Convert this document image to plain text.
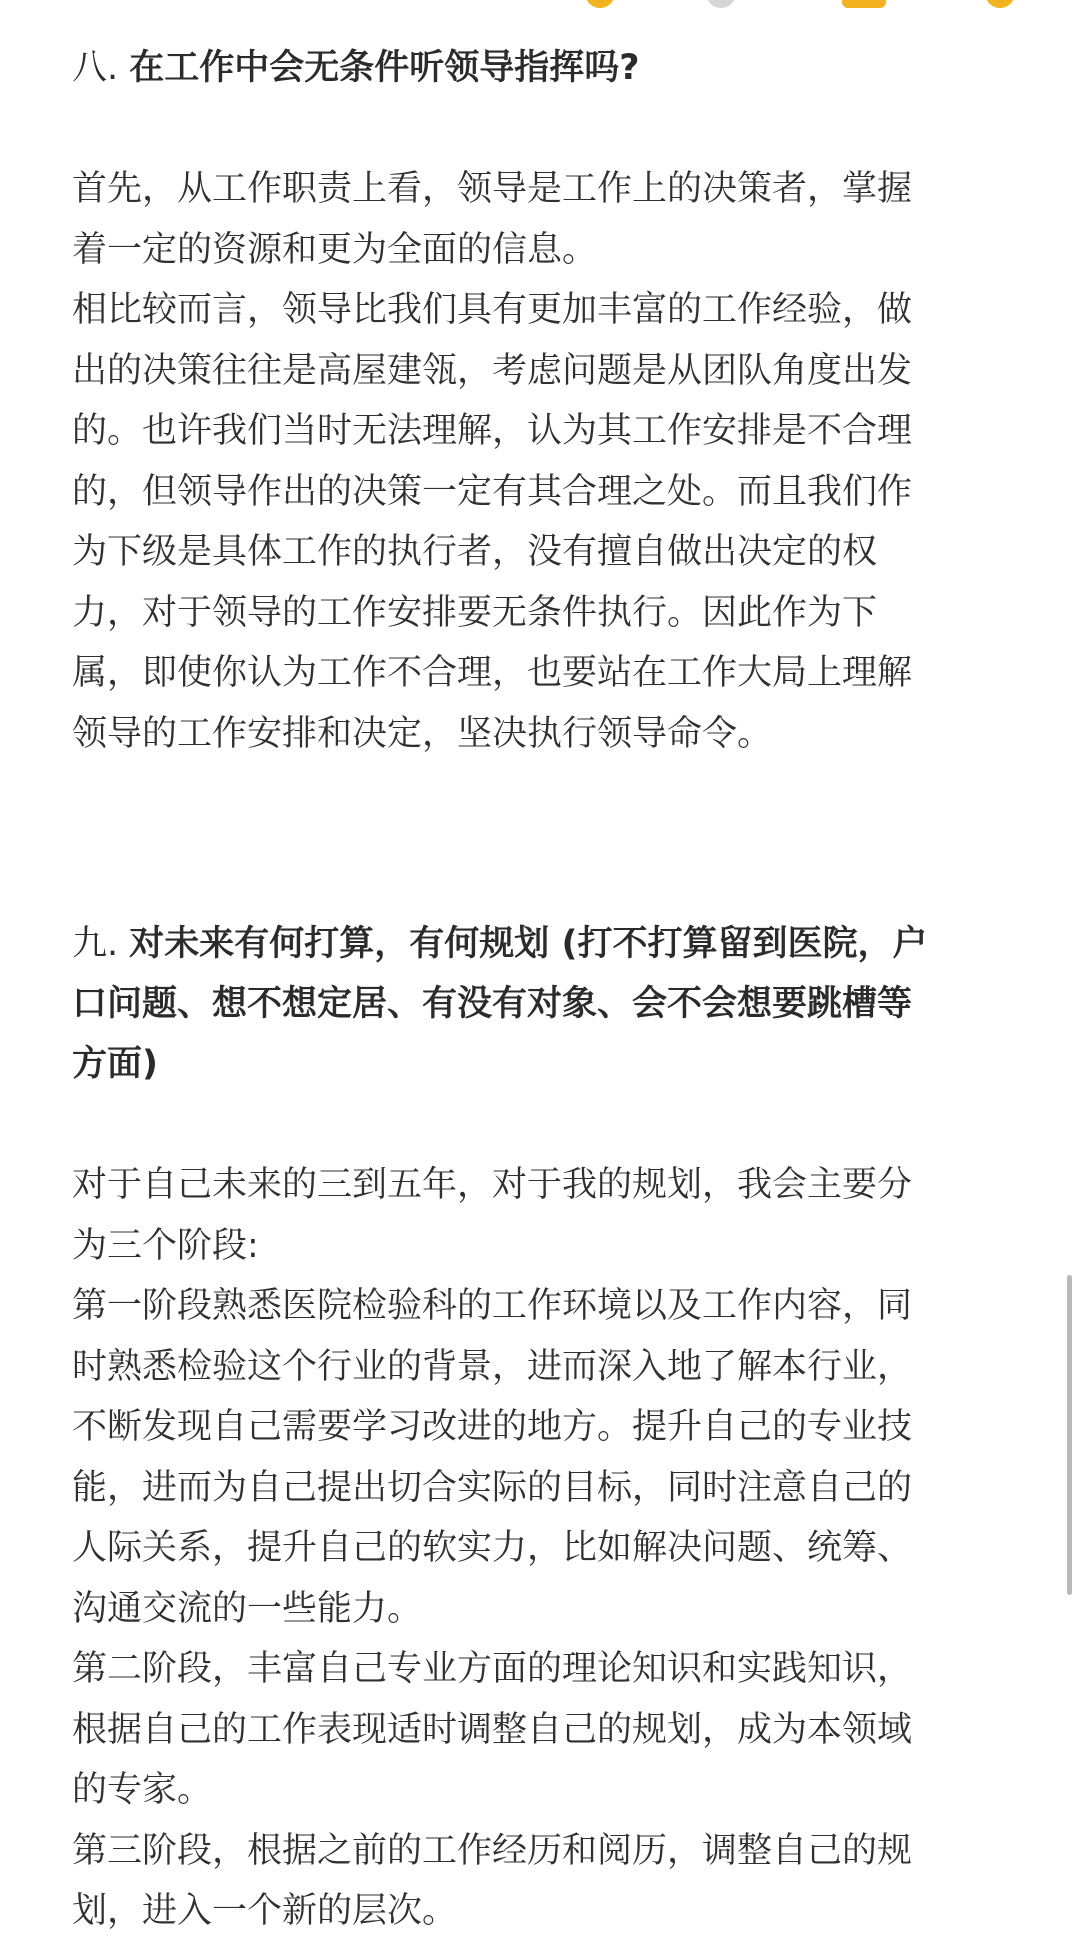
八. 在工作中会无条件听领导指挥吗?

首先，从工作职责上看，领导是工作上的决策者，掌握

着一定的资源和更为全面的信息。

相比较而言，领导比我们具有更加丰富的工作经验，做

出的决策往往是高屋建瓴，考虑问题是从团队角度出发

的。也许我们当时无法理解，认为其工作安排是不合理

的，但领导作出的决策一定有其合理之处。而且我们作

为下级是具体工作的执行者，没有擅自做出决定的权

力，对于领导的工作安排要无条件执行。因此作为下

属，即使你认为工作不合理，也要站在工作大局上理解

领导的工作安排和决定，坚决执行领导命令。

九. 对未来有何打算，有何规划 (打不打算留到医院，户

口问题、想不想定居、有没有对象、会不会想要跳槽等

方面)

对于自己未来的三到五年，对于我的规划，我会主要分

为三个阶段:

第一阶段熟悉医院检验科的工作环境以及工作内容，同

时熟悉检验这个行业的背景，进而深入地了解本行业，

不断发现自己需要学习改进的地方。提升自己的专业技

能，进而为自己提出切合实际的目标，同时注意自己的

人际关系，提升自己的软实力，比如解决问题、统筹、

沟通交流的一些能力。

第二阶段，丰富自己专业方面的理论知识和实践知识，

根据自己的工作表现适时调整自己的规划，成为本领域

的专家。

第三阶段，根据之前的工作经历和阅历，调整自己的规

划，进入一个新的层次。
